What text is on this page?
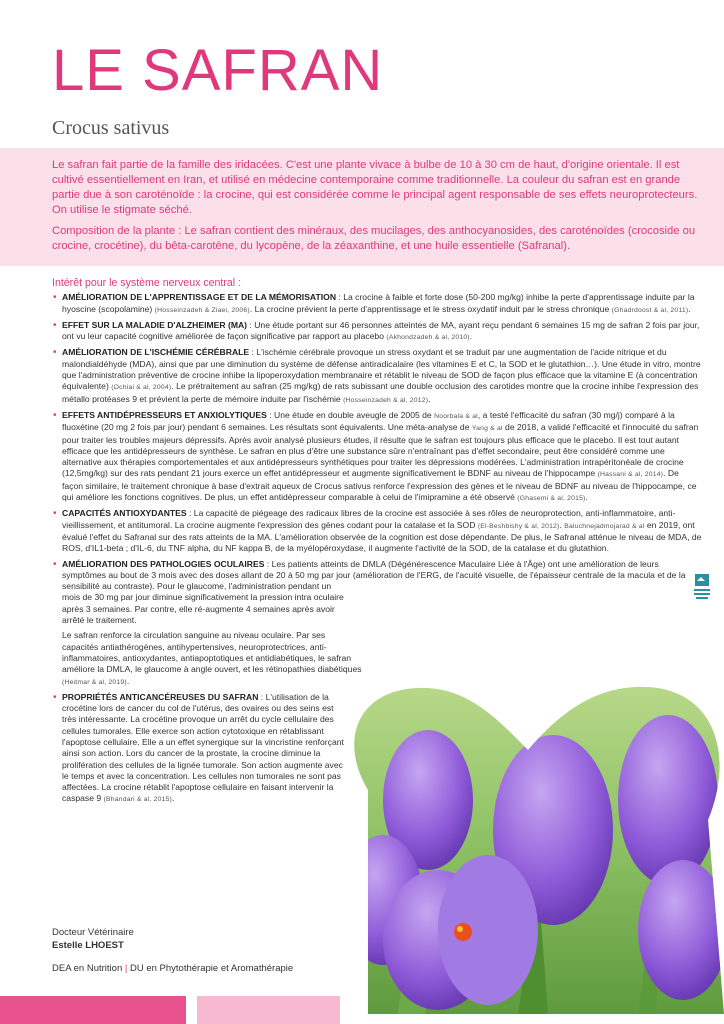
LE SAFRAN
Crocus sativus

Le safran fait partie de la famille des iridacées. C'est une plante vivace à bulbe de 10 à 30 cm de haut, d'origine orientale. Il est cultivé essentiellement en Iran, et utilisé en médecine contemporaine comme traditionnelle. La couleur du safran est en grande partie due à son caroténoïde : la crocine, qui est considérée comme le principal agent responsable de ses effets neuroprotecteurs. On utilise le stigmate séché.

Composition de la plante : Le safran contient des minéraux, des mucilages, des anthocyanosides, des caroténoïdes (crocoside ou crocine, crocétine), du bêta-carotène, du lycopène, de la zéaxanthine, et une huile essentielle (Safranal).

Intérêt pour le système nerveux central :
• AMÉLIORATION DE L'APPRENTISSAGE ET DE LA MÉMORISATION : La crocine à faible et forte dose (50-200 mg/kg) inhibe la perte d'apprentissage induite par la hyoscine (scopolamine) (Hosseinzadeh & Ziaei, 2006). La crocine prévient la perte d'apprentissage et le stress oxydatif induit par le stress chronique (Ghadrdoost & al, 2011).
• EFFET SUR LA MALADIE D'ALZHEIMER (MA) : Une étude portant sur 46 personnes atteintes de MA, ayant reçu pendant 6 semaines 15 mg de safran 2 fois par jour, ont vu leur capacité cognitive améliorée de façon significative par rapport au placebo (Akhondzadeh & al, 2010).
• AMÉLIORATION DE L'ISCHÉMIE CÉRÉBRALE : L'ischémie cérébrale provoque un stress oxydant et se traduit par une augmentation de l'acide nitrique et du malondialdéhyde (MDA), ainsi que par une diminution du système de défense antiradicalaire (les vitamines E et C, la SOD et le glutathion…). Une étude in vitro, montre que l'administration préventive de crocine inhibe la lipoperoxydation membranaire et rétablit le niveau de SOD de façon plus efficace que la vitamine E (à concentration équivalente) (Ochiai & al, 2004). Le prétraitement au safran (25 mg/kg) de rats subissant une double occlusion des carotides montre que la crocine inhibe l'expression des métallo protéases 9 et prévient la perte de mémoire induite par l'ischémie (Hosseinzadeh & al, 2012).
• EFFETS ANTIDÉPRESSEURS ET ANXIOLYTIQUES : Une étude en double aveugle de 2005 de Noorbala & al, a testé l'efficacité du safran (30 mg/j) comparé à la fluoxétine (20 mg 2 fois par jour) pendant 6 semaines. Les résultats sont équivalents. Une méta-analyse de Yang & al de 2018, a validé l'efficacité et l'innocuité du safran pour traiter les troubles majeurs dépressifs. Après avoir analysé plusieurs études, il résulte que le safran est toujours plus efficace que le placebo. Il est tout autant efficace que les antidépresseurs de synthèse. Le safran en plus d'être une substance sûre n'entraînant pas d'effet secondaire, peut être considéré comme une alternative aux thérapies comportementales et aux antidépresseurs synthétiques pour traiter les dépressions modérées. L'administration intrapéritonéale de crocine (12,5mg/kg) sur des rats pendant 21 jours exerce un effet antidépresseur et augmente significativement le BDNF au niveau de l'hippocampe (Hassani & al, 2014). De façon similaire, le traitement chronique à base d'extrait aqueux de Crocus sativus renforce l'expression des gènes et le niveau de BDNF au niveau de l'hippocampe, ce qui améliore les fonctions cognitives. De plus, un effet antidépresseur comparable à celui de l'imipramine a été observé (Ghasemi & al, 2015).
• CAPACITÉS ANTIOXYDANTES : La capacité de piégeage des radicaux libres de la crocine est associée à ses rôles de neuroprotection, anti-inflammatoire, anti-vieillissement, et antitumoral. La crocine augmente l'expression des gènes codant pour la catalase et la SOD (El-Beshbishy & al, 2012). Baluchnejadmojarad & al en 2019, ont évalué l'effet du Safranal sur des rats atteints de la MA. L'amélioration observée de la cognition est dose dépendante. De plus, le Safranal atténue le niveau de MDA, de ROS, d'IL1-beta ; d'IL-6, du TNF alpha, du NF kappa B, de la myélopéroxydase, il augmente l'activité de la SOD, de la catalase et du glutathion.
• AMÉLIORATION DES PATHOLOGIES OCULAIRES : Les patients atteints de DMLA (Dégénérescence Maculaire Liée à l'Âge) ont une amélioration de leurs symptômes au bout de 3 mois avec des doses allant de 20 à 50 mg par jour (amélioration de l'ERG, de l'acuité visuelle, de l'épaisseur centrale de la macula et de la sensibilité au contraste). Pour le glaucome, l'administration pendant un
mois de 30 mg par jour diminue significativement la pression intra oculaire après 3 semaines. Par contre, elle ré-augmente 4 semaines après avoir arrêté le traitement.
Le safran renforce la circulation sanguine au niveau oculaire. Par ses capacités antiathérogènes, antihypertensives, neuroprotectrices, anti-inflammatoires, antioxydantes, antiapoptotiques et antidiabétiques, le safran améliore la DMLA, le glaucome à angle ouvert, et les rétinopathies diabétiques (Heitmar & al, 2019).
• PROPRIÉTÉS ANTICANCÉREUSES DU SAFRAN : L'utilisation de la crocétine lors de cancer du col de l'utérus, des ovaires ou des seins est très intéressante. La crocétine provoque un arrêt du cycle cellulaire des cellules tumorales. Elle exerce son action cytotoxique en rétablissant l'apoptose cellulaire. Elle a un effet synergique sur la vincristine renforçant ainsi son action. Lors du cancer de la prostate, la crocine diminue la prolifération des cellules de la lignée tumorale. Son action augmente avec le temps et avec la concentration. Les cellules non tumorales ne sont pas affectées. La crocine rétablit l'apoptose cellulaire en faisant intervenir la caspase 9 (Bhandari & al, 2015).
Docteur Vétérinaire
Estelle LHOEST
DEA en Nutrition | DU en Phytothérapie et Aromathérapie
